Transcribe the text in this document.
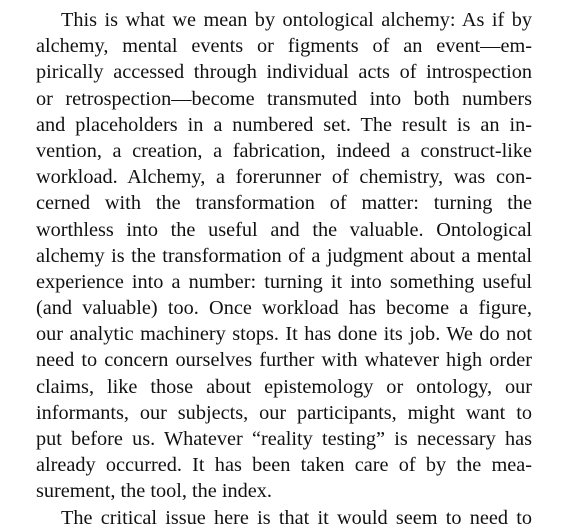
This is what we mean by ontological alchemy: As if by
alchemy, mental events or figments of an event—em-
pirically accessed through individual acts of introspection
or retrospection—become transmuted into both numbers
and placeholders in a numbered set. The result is an in-
vention, a creation, a fabrication, indeed a construct-like
workload. Alchemy, a forerunner of chemistry, was con-
cerned with the transformation of matter: turning the
worthless into the useful and the valuable. Ontological
alchemy is the transformation of a judgment about a mental
experience into a number: turning it into something useful
(and valuable) too. Once workload has become a figure,
our analytic machinery stops. It has done its job. We do not
need to concern ourselves further with whatever high order
claims, like those about epistemology or ontology, our
informants, our subjects, our participants, might want to
put before us. Whatever “reality testing” is necessary has
already occurred. It has been taken care of by the mea-
surement, the tool, the index.
The critical issue here is that it would seem to need to
